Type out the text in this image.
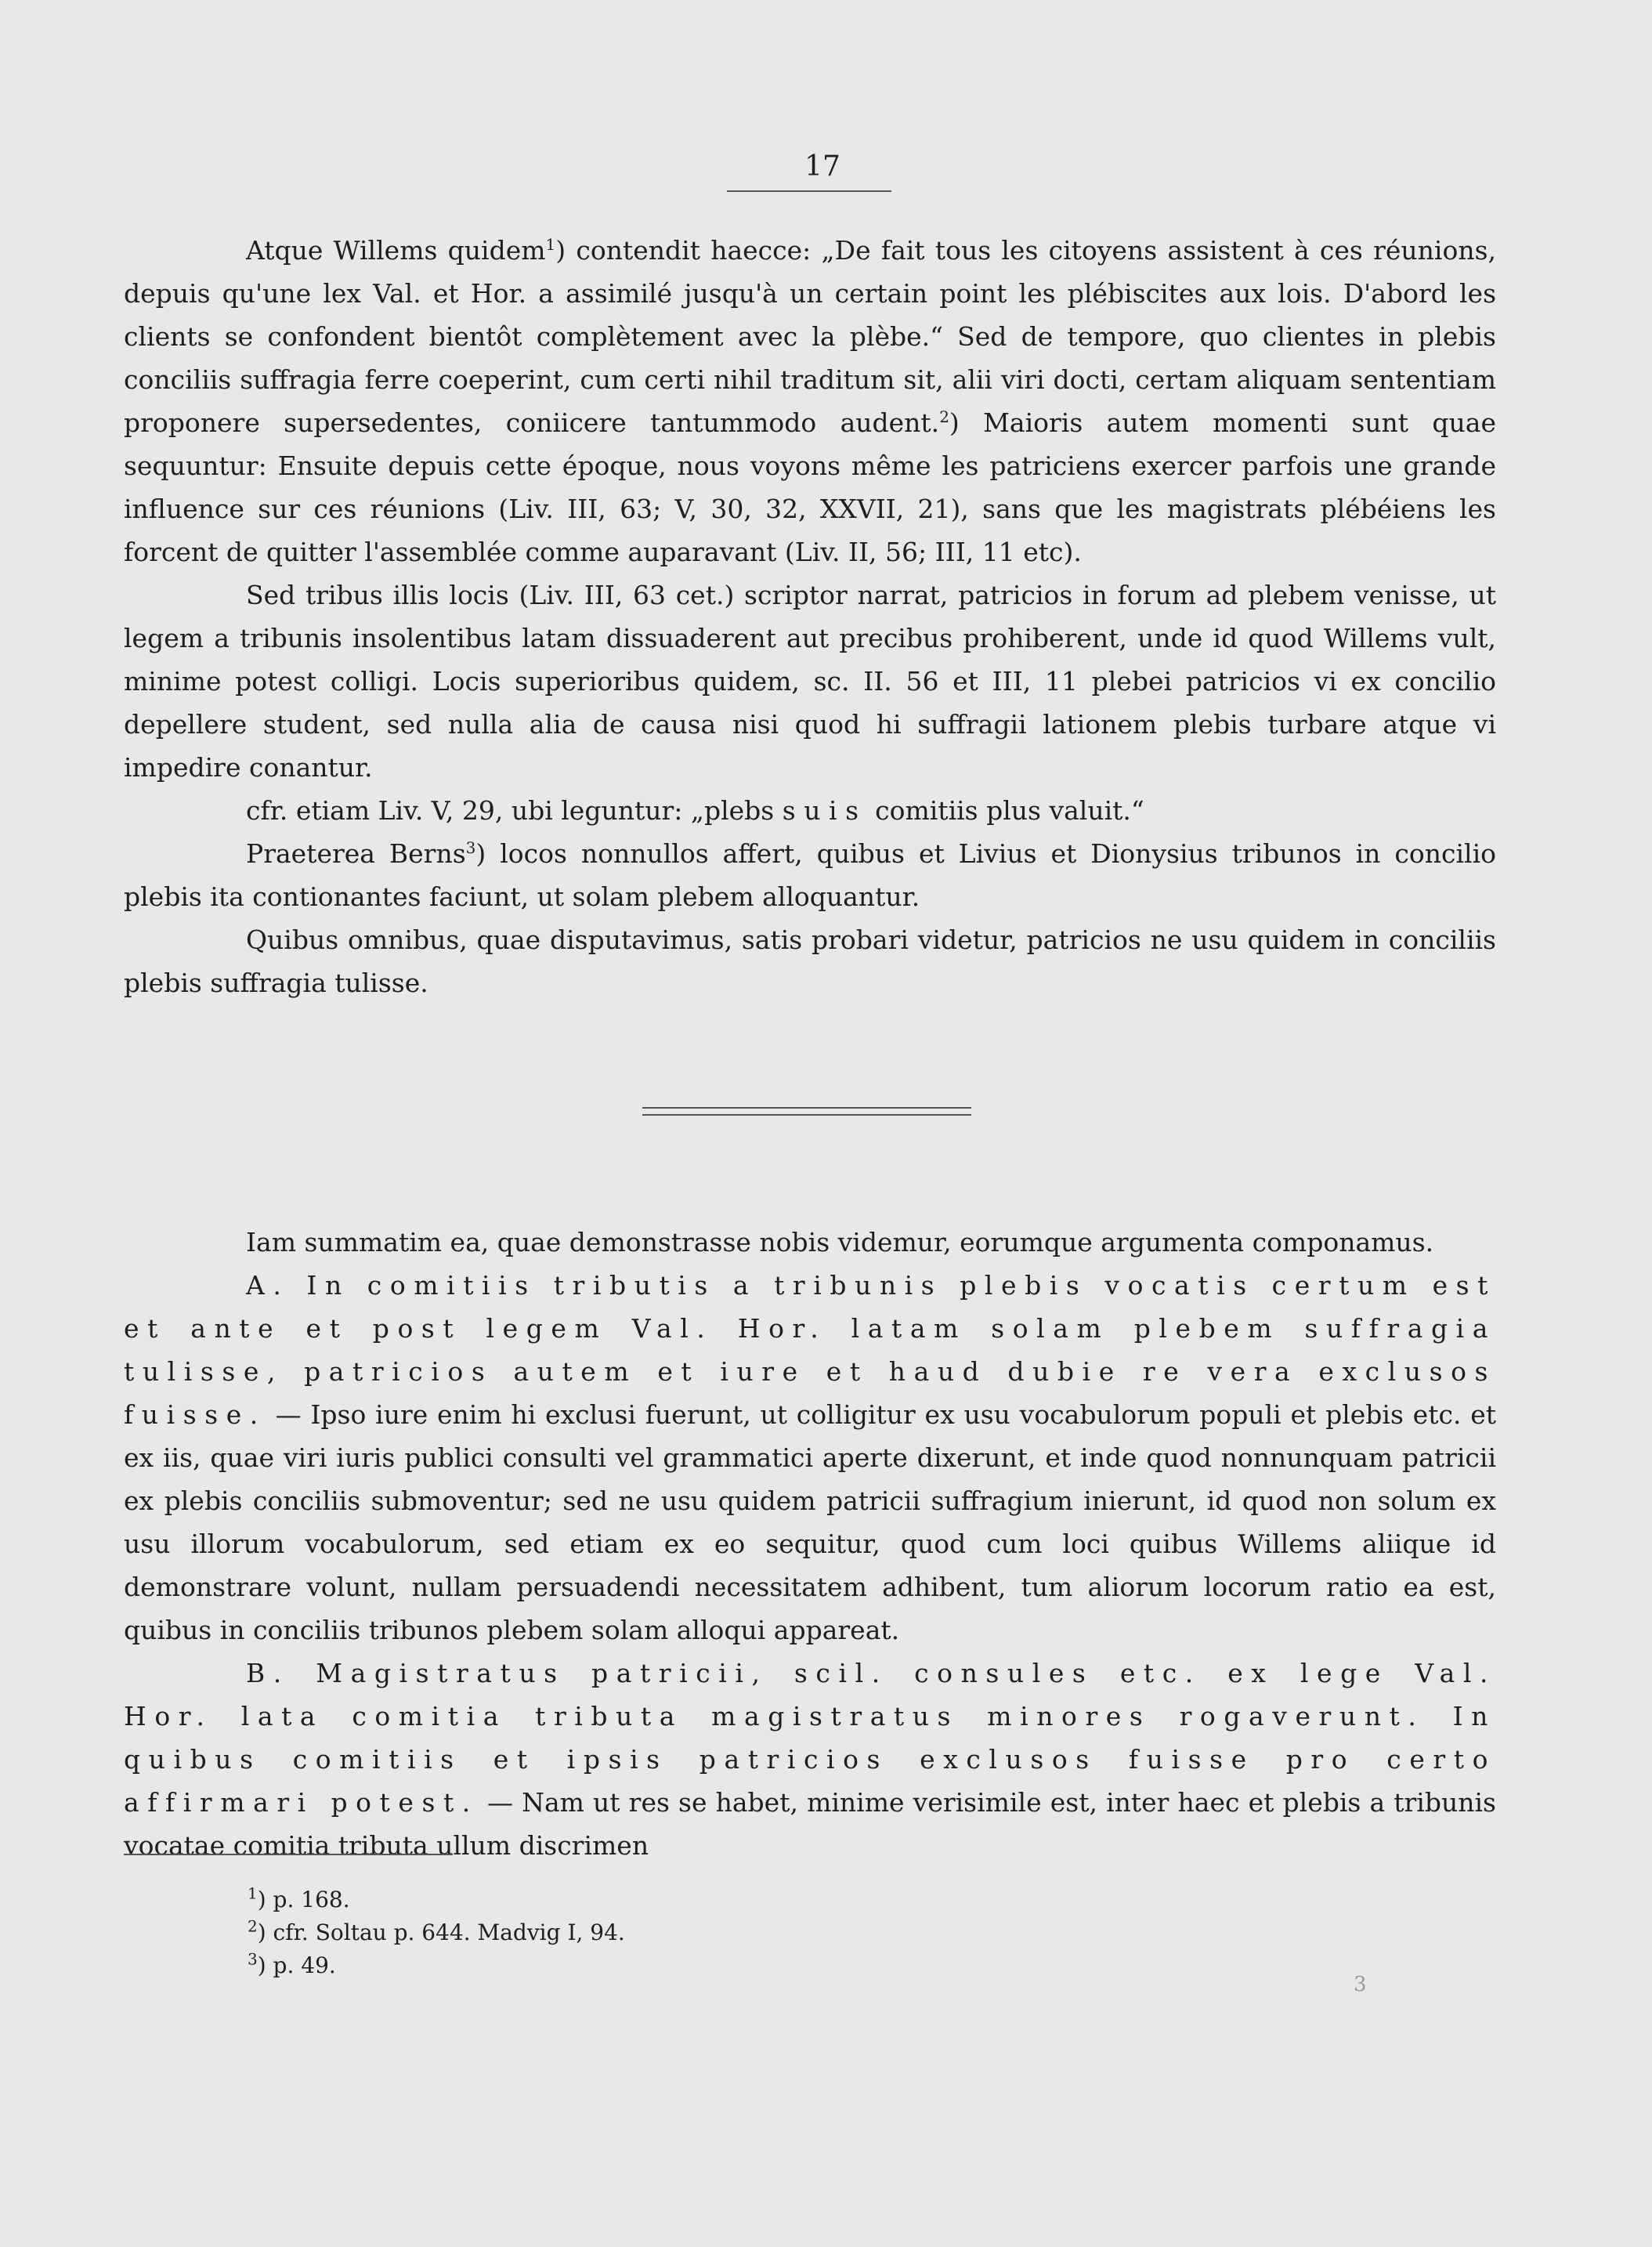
17

Atque Willems quidem$^1$) contendit haecce: „De fait tous les citoyens assistent à ces réunions, depuis qu'une lex Val. et Hor. a assimilé jusqu'à un certain point les plébiscites aux lois. D'abord les clients se confondent bientôt complètement avec la plèbe.“ Sed de tempore, quo clientes in plebis conciliis suffragia ferre coeperint, cum certi nihil traditum sit, alii viri docti, certam aliquam sententiam proponere supersedentes, coniicere tantummodo audent.$^2$) Maioris autem momenti sunt quae sequuntur: Ensuite depuis cette époque, nous voyons même les patriciens exercer parfois une grande influence sur ces réunions (Liv. III, 63; V, 30, 32, XXVII, 21), sans que les magistrats plébéiens les forcent de quitter l'assemblée comme auparavant (Liv. II, 56; III, 11 etc).

Sed tribus illis locis (Liv. III, 63 cet.) scriptor narrat, patricios in forum ad plebem venisse, ut legem a tribunis insolentibus latam dissuaderent aut precibus prohiberent, unde id quod Willems vult, minime potest colligi. Locis superioribus quidem, sc. II. 56 et III, 11 plebei patricios vi ex concilio depellere student, sed nulla alia de causa nisi quod hi suffragii lationem plebis turbare atque vi impedire conantur.

cfr. etiam Liv. V, 29, ubi leguntur: „plebs suis comitiis plus valuit.“

Praeterea Berns$^3$) locos nonnullos affert, quibus et Livius et Dionysius tribunos in concilio plebis ita contionantes faciunt, ut solam plebem alloquantur.

Quibus omnibus, quae disputavimus, satis probari videtur, patricios ne usu quidem in conciliis plebis suffragia tulisse.

Iam summatim ea, quae demonstrasse nobis videmur, eorumque argumenta componamus.

A. In comitiis tributis a tribunis plebis vocatis certum est et ante et post legem Val. Hor. latam solam plebem suffragia tulisse, patricios autem et iure et haud dubie re vera exclusos fuisse. — Ipso iure enim hi exclusi fuerunt, ut colligitur ex usu vocabulorum populi et plebis etc. et ex iis, quae viri iuris publici consulti vel grammatici aperte dixerunt, et inde quod nonnunquam patricii ex plebis conciliis submoventur; sed ne usu quidem patricii suffragium inierunt, id quod non solum ex usu illorum vocabulorum, sed etiam ex eo sequitur, quod cum loci quibus Willems aliique id demonstrare volunt, nullam persuadendi necessitatem adhibent, tum aliorum locorum ratio ea est, quibus in conciliis tribunos plebem solam alloqui appareat.

B. Magistratus patricii, scil. consules etc. ex lege Val. Hor. lata comitia tributa magistratus minores rogaverunt. In quibus comitiis et ipsis patricios exclusos fuisse pro certo affirmari potest. — Nam ut res se habet, minime verisimile est, inter haec et plebis a tribunis vocatae comitia tributa ullum discrimen

$^1$) p. 168.

$^2$) cfr. Soltau p. 644. Madvig I, 94.

$^3$) p. 49.

3
